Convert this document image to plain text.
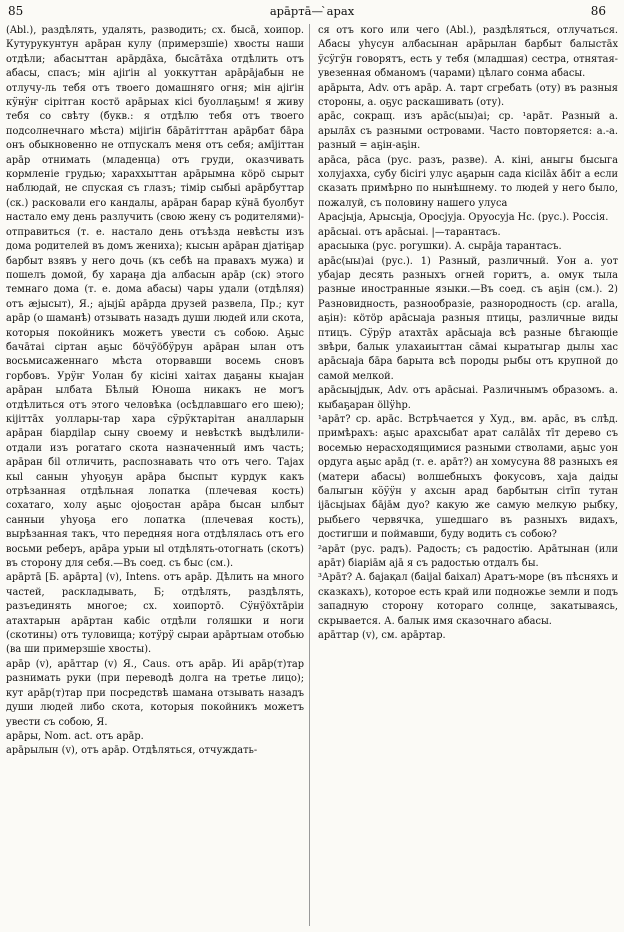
85	арāртā— ̀арах	86

(Abl.), раздѣлять, удалять, разводить; сх. бысā, хоипор. Кутурукунтун арāран кулу (примерзшіе) хвосты наши отдѣли; абасыттан арāрдāха, бысāтāха отдѣлить отъ абасы, спасъ; мін аjіґін аl уоккуттан арāрājабын не отлучу-ль тебя отъ твоего домашняго огня; мін аjіґін кӱнӱҥ сірітган костö арāрыах кісі буоллаҕым! я живу тебя со свѣту (букв.: я отдѣлю тебя отъ твоего подсолнечнаго мѣста) міjіґін бāрāтітттан арāрбат бāра онъ обыкновенно не отпускалъ меня отъ себя; амījіттан арāр отнимать (младенца) отъ груди, оказчивать кормленіе грудью; хараххыттан арāрымна кöрö сырыт наблюдай, не спуская съ глазъ; тімір сыбыі арāрбуттар (ск.) расковали его кандалы, арāран барар кӱнā буолбут настало ему день разлучить (свою жену съ родителями)-отправиться (т. е. настало день отъѣзда невѣсты изъ дома родителей въ домъ жениха); кысын арāран дjатіҕар барбыт взявъ у него дочь (къ себѣ на правахъ мужа) и пошелъ домой, бу харан̨а дjа албасын арāр (ск) этого темнаго дома (т. е. дома абасы) чары удали (отдѣляя) отъ ӕjысыт), Я.; аjыjӹ арāрда друзей развела, Пр.; кут арāр (о шаманѣ) отзывать назадъ души людей или скота, которыя покойникъ можетъ увести съ собою. Аҕыс бачāтаі сіртан аҕыс бöчӱöбӱрун арāран ылан отъ восьмисаженнаго мѣста оторвавши восемь сновъ горбовъ. Урӱҥ Уолан бу кісіні хаітах даҕаны кыаjан арāран ылбата Бѣлый Юноша никакъ не могъ отдѣлиться отъ этого человѣка (осѣдлавшаго его шею); кiјiттāх уоллары-тар хара сӱрӱктарітан аналларын арāран бiардіlар сыну своему и невѣсткѣ выдѣлили-отдали изъ рогатаго скота назначенный имъ часть; арāран бil отличить, распознавать что отъ чего. Таjах кыl санын уһуоҕун арāра быспыт курдук какъ отрѣзанная отдѣльная лопатка (плечевая кость) сохатаго, холу аҕыс ојоҕостан арāра бысан ылбыт санныи уһуоҕа его лопатка (плечевая кость), вырѣзанная такъ, что передняя нога отдѣлялась отъ его восьми реберъ, арāра урыи ыl отдѣлять-отогнать (скотъ) въ сторону для себя.—Въ соед. съ быс (см.).

арāртā [Б. арāрта] (v), Intens. отъ арāр. Дѣлить на много частей, раскладывать, Б; отдѣлять, раздѣлять, разъединять многое; сх. хоипортō. Сӱнӱöхтāріи атахтарын арāртан кабіс отдѣли голяшки и ноги (скотины) отъ туловища; котӱрӱ сыраи арāртыам отобью (ва ши примерзшіе хвосты).

арāр (v), арāттар (v) Я., Caus. отъ арāр. Иі арāр(т)тар разнимать руки (при переводѣ долга на третье лицо); кут арāр(т)тар при посредствѣ шамана отзывать назадъ души людей либо скота, которыя покойникъ можетъ увести съ собою, Я.

арāры, Nom. act. отъ арāр.

арāрылын (v), отъ арāр. Отдѣляться, отчуждать-

ся отъ кого или чего (Abl.), раздѣляться, отлучаться. Абасы уһусун албасынан арāрылан барбыт балыстāх ӱсӱгӱн говорятъ, есть у тебя (младшая) сестра, отнятая-увезенная обманомъ (чарами) цѣлаго сонма абасы.

арāрыта, Adv. отъ арāр. А. тарт сгребать (оту) въ разныя стороны, а. оҕус раскашивать (оту).

арāс, сокращ. изъ арāс(ыы)аі; ср. ¹арāт. Разный а. арылāх съ разными островами. Часто повторяется: а.-а. разный = аҕін-аҕін.

арāса, рāса (рус. разъ, разве). А. кіні, аныгы бысыга холуjаххa, субу бісігі улус аҕарын сада кісіlāх āбіт а если сказать примѣрно по нынѣшнему. то людей у него было, пожалуй, съ половину нашего улуса

Арасjыjа, Арысыjа, Оросјуја. Оруосуја Нс. (рус.). Россія.

арāсыаі. отъ арāсыаі. |—тарантасъ.

арасыыка (рус. рогушки). А. сырāја тарантасъ.

арāс(ыы)аі (рус.). 1) Разный, различный. Уон а. уот убаjар десять разныхъ огней горитъ, а. омук тыла разные иностранные языки.—Въ соед. съ аҕін (см.). 2) Разновидность, разнообразіе, разнородность (ср. аrаllа, аҕін): кöтöр арāсыаја разныя птицы, различные виды птицъ. Сӱрӱр атахтāх арāсыаја всѣ разные бѣгающіе звѣри, балык улахаиыттан сāмаі кыратыгар дылы хас арāсыаја бāра барыта всѣ породы рыбы отъ крупной до самой мелкой.

арāсыыjдык, Adv. отъ арāсыаі. Различнымъ образомъ. а. кыбаҕаран öllӱhр.

¹арāт? ср. арāс. Встрѣчается у Худ., вм. арāс, въ слѣд. примѣрахъ: аҕыс арахсыбат арат салālāх тīт дерево съ восемью нерасходящимися разными стволами, аҕыс уон ордуга аҕыс арāд (т. е. арāт?) ан хомусуна 88 разныхъ ея (матери абасы) волшебныхъ фокусовъ, хаjа даіды балыгын кӧӱӱн у ахсын арад барбытын сітīп тутан іjāсыjыах бājāм дуо? какую же самую мелкую рыбку, рыбьего червячка, ушедшаго въ разныхъ видахъ, достигши и поймавши, буду водить съ собою?

²арāт (рус. радъ). Радость; съ радостію. Арāтынан (или арāт) бiарiāм аjā я съ радостью отдалъ бы.

³Арāт? А. бајақал (баіjаl баіхал) Аратъ-море (въ пѣсняхъ и сказкахъ), которое есть край или подножье земли и подъ западную сторону котораго солнце, закатываясь, скрывается. А. балык имя сказочнаго абасы.

арāттар (v), см. арāртар.
